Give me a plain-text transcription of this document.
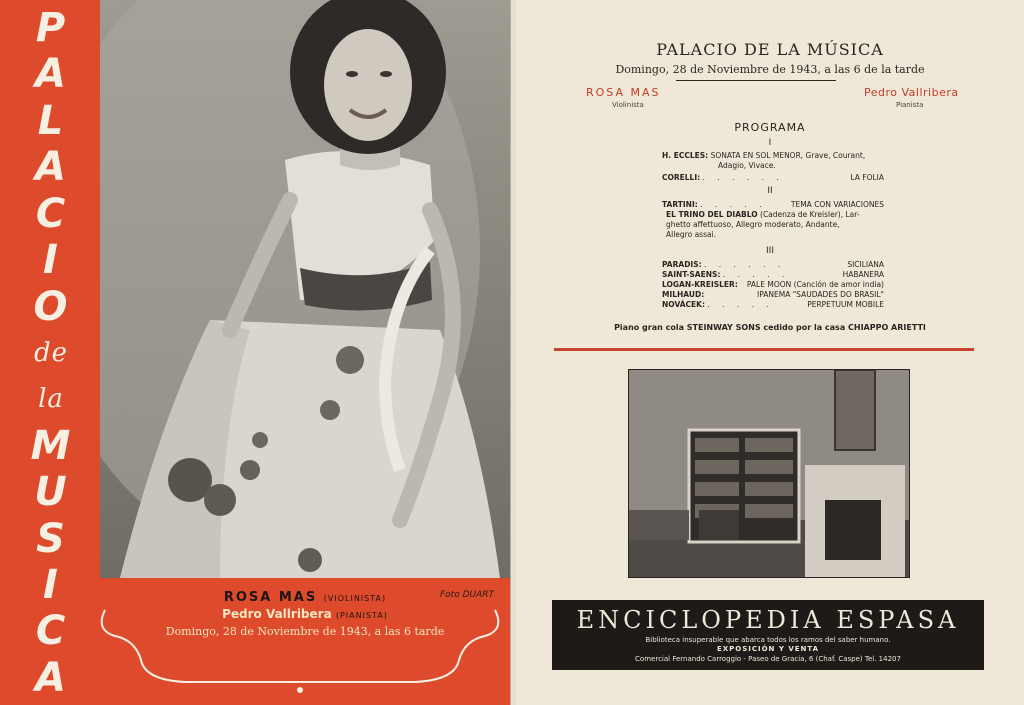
P
A
L
A
C
I
O
de
la
M
U
S
I
C
A
Foto DUART
ROSA MAS (VIOLINISTA)
Pedro Vallribera (PIANISTA)
Domingo, 28 de Noviembre de 1943, a las 6 tarde
PALACIO DE LA MÚSICA
Domingo, 28 de Noviembre de 1943, a las 6 de la tarde
ROSA MAS
Violinista
Pedro Vallribera
Pianista
PROGRAMA
I
H. ECCLES: SONATA EN SOL MENOR, Grave, Courant,
Adagio, Vivace.
CORELLI: . . . . . .	LA FOLIA
II
TARTINI: . . . . .	TEMA CON VARIACIONES
EL TRINO DEL DIABLO (Cadenza de Kreisler), Lar-
ghetto affettuoso, Allegro moderato, Andante,
Allegro assai.
III
PARADIS: . . . . . .	SICILIANA
SAINT-SAENS: . . . . .	HABANERA
LOGAN-KREISLER: PALE MOON (Canción de amor india)
MILHAUD:	IPANEMA "SAUDADES DO BRASIL"
NOVÁCEK: . . . . .	PERPETUUM MOBILE
Piano gran cola STEINWAY SONS cedido por la casa CHIAPPO ARIETTI
ENCICLOPEDIA ESPASA
Biblioteca insuperable que abarca todos los ramos del saber humano.
EXPOSICIÓN Y VENTA
Comercial Fernando Carroggio - Paseo de Gracia, 6 (Chaf. Caspe) Tel. 14207
